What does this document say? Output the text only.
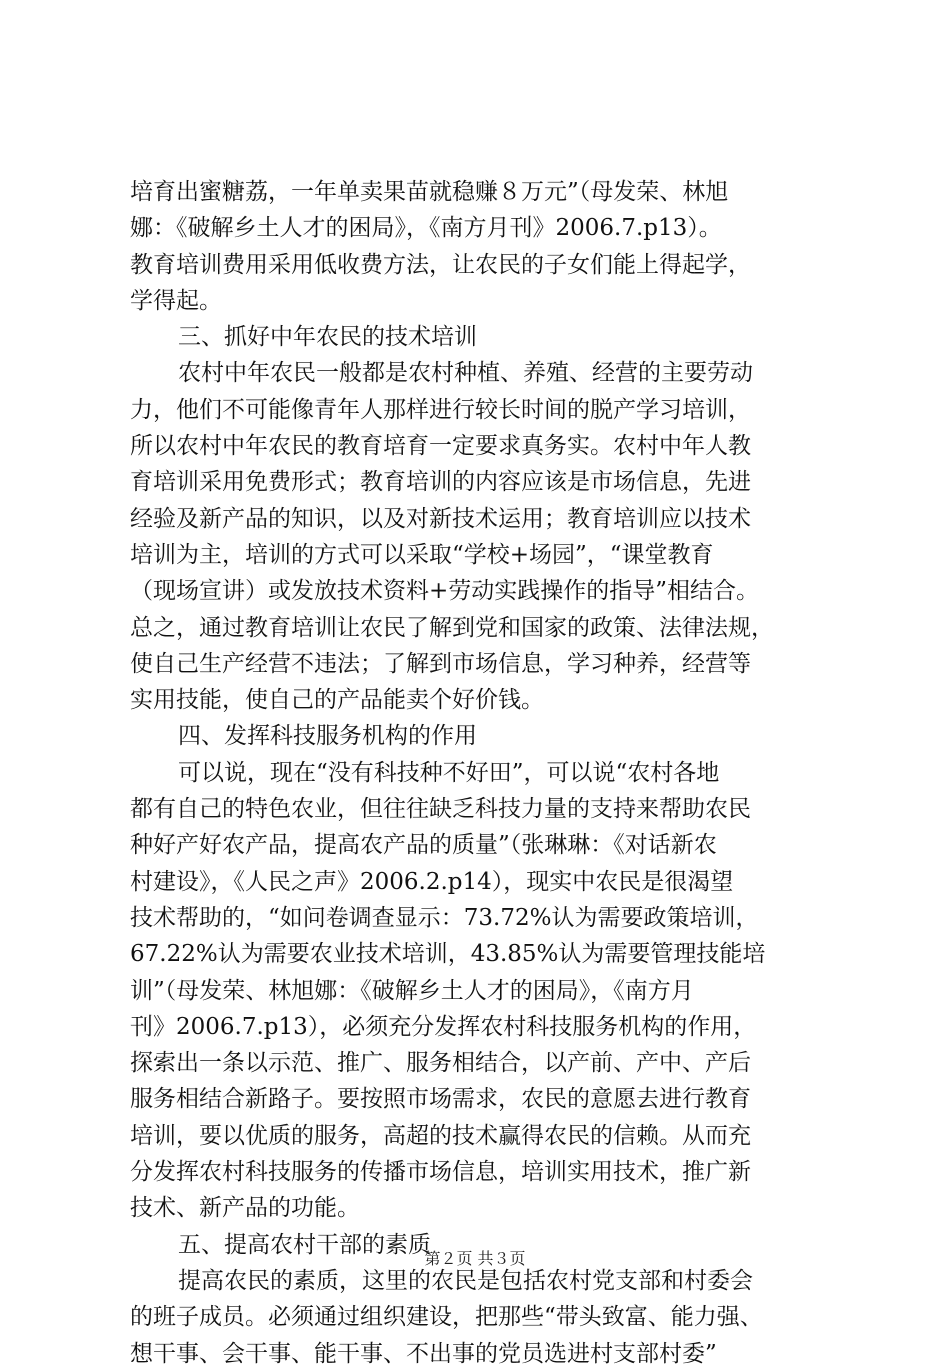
培育出蜜糖荔，一年单卖果苗就稳赚８万元”（母发荣、林旭
娜：《破解乡土人才的困局》，《南方月刊》2006.7.p13）。
教育培训费用采用低收费方法，让农民的子女们能上得起学，
学得起。
三、抓好中年农民的技术培训
农村中年农民一般都是农村种植、养殖、经营的主要劳动
力，他们不可能像青年人那样进行较长时间的脱产学习培训，
所以农村中年农民的教育培育一定要求真务实。农村中年人教
育培训采用免费形式；教育培训的内容应该是市场信息，先进
经验及新产品的知识，以及对新技术运用；教育培训应以技术
培训为主，培训的方式可以采取“学校+场园”，“课堂教育
（现场宣讲）或发放技术资料+劳动实践操作的指导”相结合。
总之，通过教育培训让农民了解到党和国家的政策、法律法规，
使自己生产经营不违法；了解到市场信息，学习种养，经营等
实用技能，使自己的产品能卖个好价钱。
四、发挥科技服务机构的作用
可以说，现在“没有科技种不好田”，可以说“农村各地
都有自己的特色农业，但往往缺乏科技力量的支持来帮助农民
种好产好农产品，提高农产品的质量”（张琳琳：《对话新农
村建设》，《人民之声》2006.2.p14），现实中农民是很渴望
技术帮助的，“如问卷调查显示：73.72%认为需要政策培训，
67.22%认为需要农业技术培训，43.85%认为需要管理技能培
训”（母发荣、林旭娜：《破解乡土人才的困局》，《南方月
刊》2006.7.p13），必须充分发挥农村科技服务机构的作用，
探索出一条以示范、推广、服务相结合，以产前、产中、产后
服务相结合新路子。要按照市场需求，农民的意愿去进行教育
培训，要以优质的服务，高超的技术赢得农民的信赖。从而充
分发挥农村科技服务的传播市场信息，培训实用技术，推广新
技术、新产品的功能。
五、提高农村干部的素质
提高农民的素质，这里的农民是包括农村党支部和村委会
的班子成员。必须通过组织建设，把那些“带头致富、能力强、
想干事、会干事、能干事、不出事的党员选进村支部村委”
第２页 共３页
